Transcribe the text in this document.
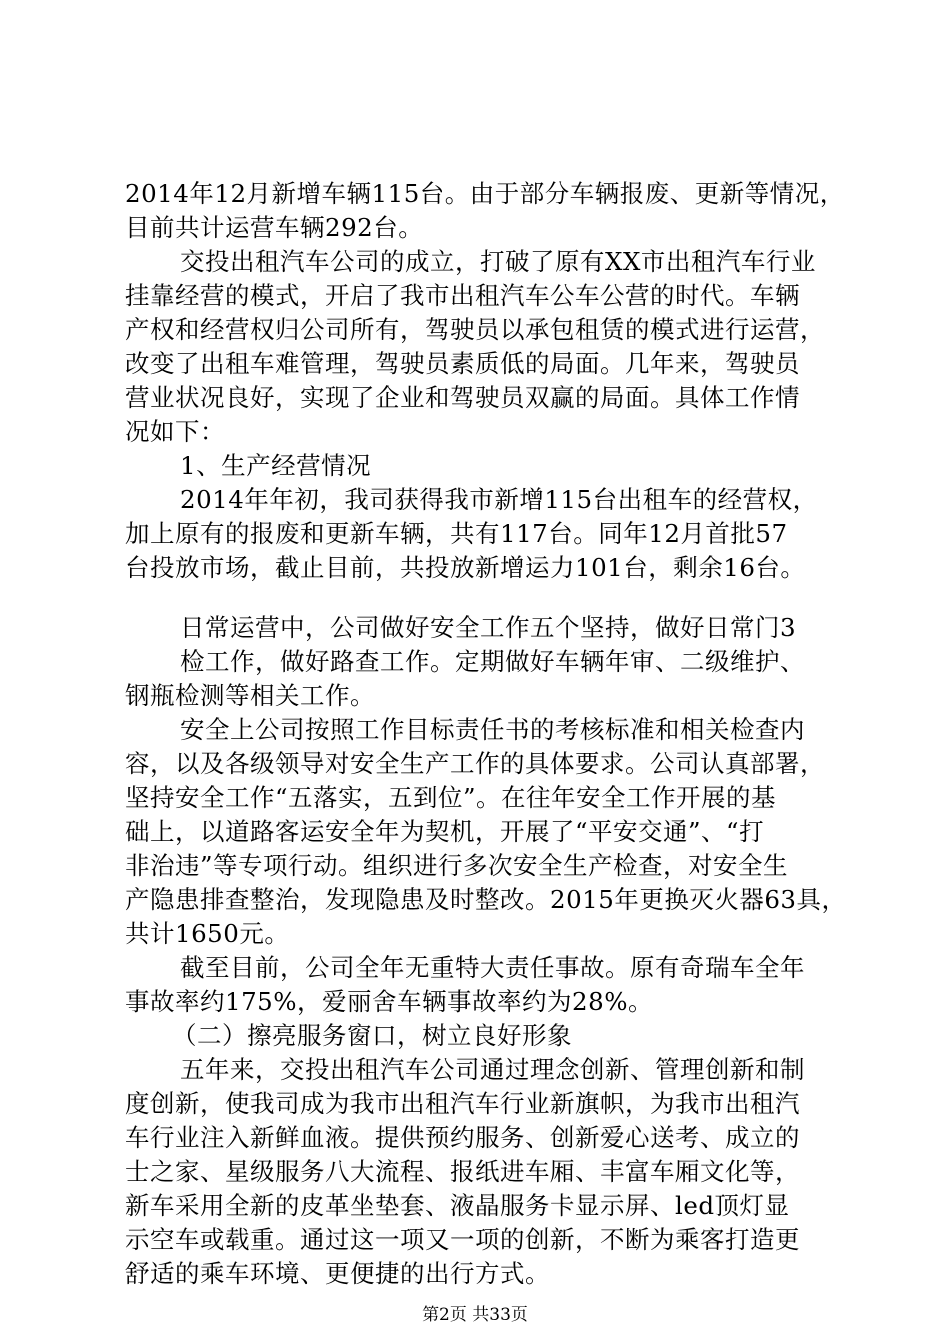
2014年12月新增车辆115台。由于部分车辆报废、更新等情况，
目前共计运营车辆292台。
交投出租汽车公司的成立，打破了原有XX市出租汽车行业
挂靠经营的模式，开启了我市出租汽车公车公营的时代。车辆
产权和经营权归公司所有，驾驶员以承包租赁的模式进行运营，
改变了出租车难管理，驾驶员素质低的局面。几年来，驾驶员
营业状况良好，实现了企业和驾驶员双赢的局面。具体工作情
况如下：
1、生产经营情况
2014年年初，我司获得我市新增115台出租车的经营权，
加上原有的报废和更新车辆，共有117台。同年12月首批57
台投放市场，截止目前，共投放新增运力101台，剩余16台。
日常运营中，公司做好安全工作五个坚持，做好日常门3
检工作，做好路查工作。定期做好车辆年审、二级维护、
钢瓶检测等相关工作。
安全上公司按照工作目标责任书的考核标准和相关检查内
容，以及各级领导对安全生产工作的具体要求。公司认真部署，
坚持安全工作“五落实，五到位”。在往年安全工作开展的基
础上，以道路客运安全年为契机，开展了“平安交通”、“打
非治违”等专项行动。组织进行多次安全生产检查，对安全生
产隐患排查整治，发现隐患及时整改。2015年更换灭火器63具，
共计1650元。
截至目前，公司全年无重特大责任事故。原有奇瑞车全年
事故率约175%，爱丽舍车辆事故率约为28%。
（二）擦亮服务窗口，树立良好形象
五年来，交投出租汽车公司通过理念创新、管理创新和制
度创新，使我司成为我市出租汽车行业新旗帜，为我市出租汽
车行业注入新鲜血液。提供预约服务、创新爱心送考、成立的
士之家、星级服务八大流程、报纸进车厢、丰富车厢文化等，
新车采用全新的皮革坐垫套、液晶服务卡显示屏、led顶灯显
示空车或载重。通过这一项又一项的创新，不断为乘客打造更
舒适的乘车环境、更便捷的出行方式。
第2页 共33页
